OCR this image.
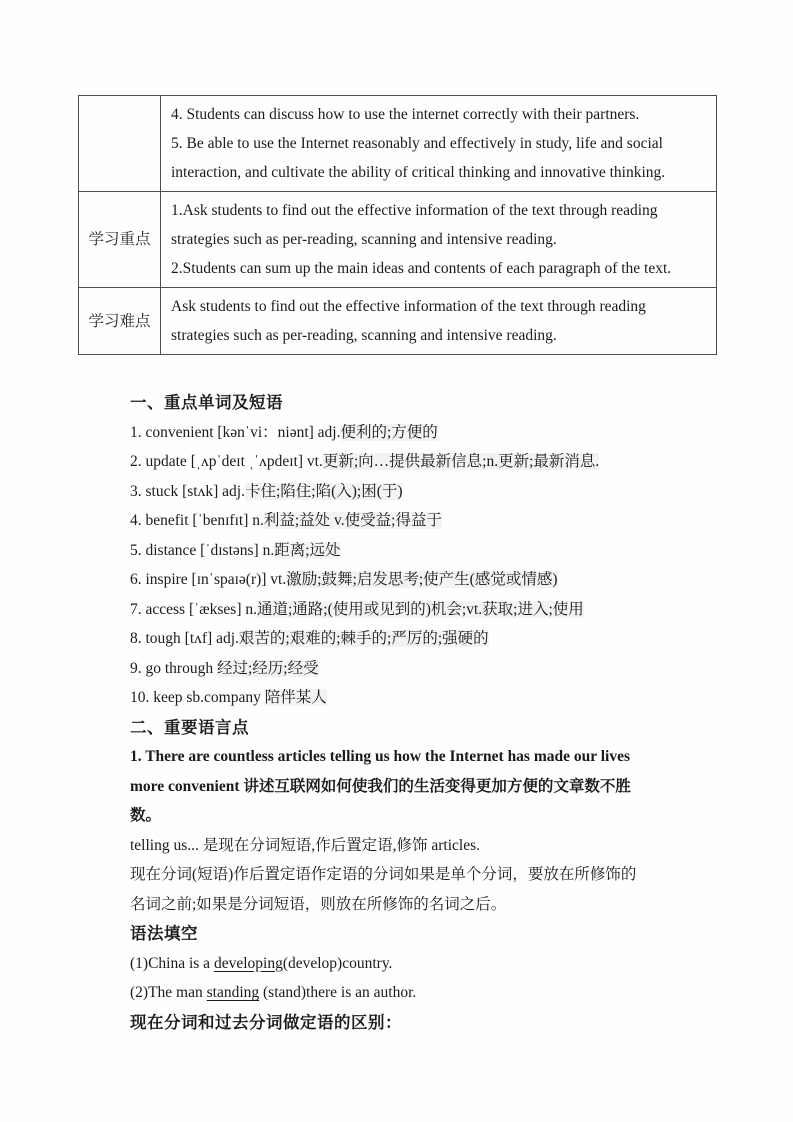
	4. Students can discuss how to use the internet correctly with their partners.
5. Be able to use the Internet reasonably and effectively in study, life and social
interaction, and cultivate the ability of critical thinking and innovative thinking.

学习重点	1.Ask students to find out the effective information of the text through reading
strategies such as per-reading, scanning and intensive reading.
2.Students can sum up the main ideas and contents of each paragraph of the text.

学习难点	Ask students to find out the effective information of the text through reading
strategies such as per-reading, scanning and intensive reading.
一、重点单词及短语
1. convenient [kənˈvi：niənt] adj.便利的;方便的
2. update [ˌʌpˈdeɪt ˌˈʌpdeɪt] vt.更新;向…提供最新信息;n.更新;最新消息.
3. stuck [stʌk] adj.卡住;陷住;陷(入);困(于)
4. benefit [ˈbenɪfɪt] n.利益;益处 v.使受益;得益于
5. distance [ˈdɪstəns] n.距离;远处
6. inspire [ɪnˈspaɪə(r)] vt.激励;鼓舞;启发思考;使产生(感觉或情感)
7. access [ˈækses] n.通道;通路;(使用或见到的)机会;vt.获取;进入;使用
8. tough [tʌf] adj.艰苦的;艰难的;棘手的;严厉的;强硬的
9. go through 经过;经历;经受
10. keep sb.company 陪伴某人
二、重要语言点
1. There are countless articles telling us how the Internet has made our lives
more convenient 讲述互联网如何使我们的生活变得更加方便的文章数不胜
数。
telling us... 是现在分词短语,作后置定语,修饰 articles.
现在分词(短语)作后置定语作定语的分词如果是单个分词，要放在所修饰的
名词之前;如果是分词短语，则放在所修饰的名词之后。
语法填空
(1)China is a developing(develop)country.
(2)The man standing (stand)there is an author.
现在分词和过去分词做定语的区别：
